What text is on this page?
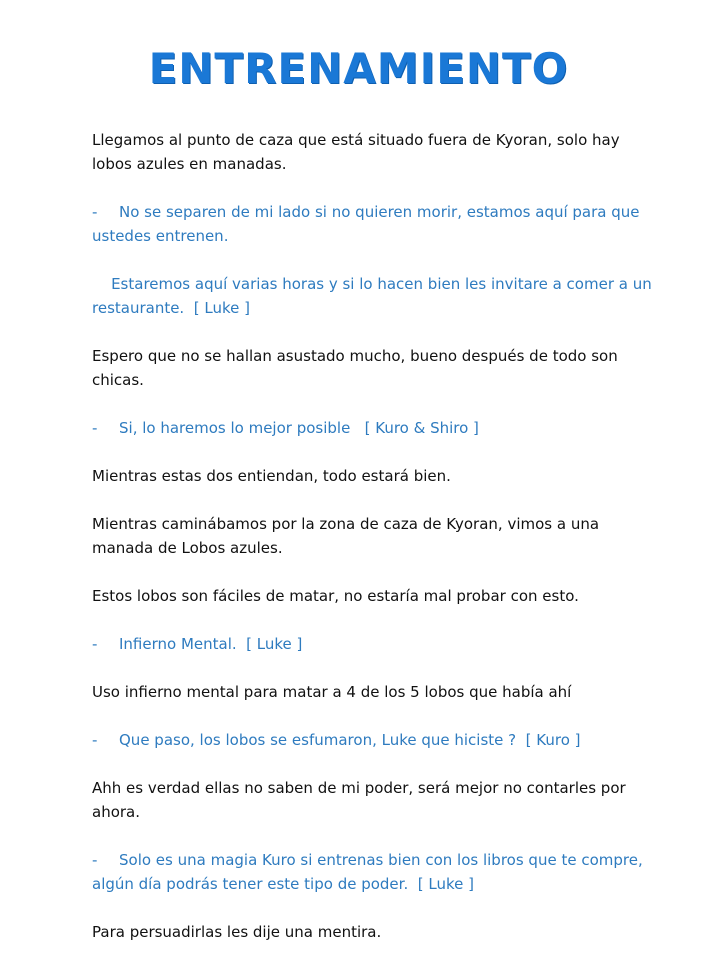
ENTRENAMIENTO

Llegamos al punto de caza que está situado fuera de Kyoran, solo hay lobos azules en manadas.

- No se separen de mi lado si no quieren morir, estamos aquí para que ustedes entrenen.

Estaremos aquí varias horas y si lo hacen bien les invitare a comer a un restaurante.  [ Luke ]

Espero que no se hallan asustado mucho, bueno después de todo son chicas.

- Si, lo haremos lo mejor posible   [ Kuro & Shiro ]

Mientras estas dos entiendan, todo estará bien.

Mientras caminábamos por la zona de caza de Kyoran, vimos a una manada de Lobos azules.

Estos lobos son fáciles de matar, no estaría mal probar con esto.

- Infierno Mental.  [ Luke ]

Uso infierno mental para matar a 4 de los 5 lobos que había ahí

- Que paso, los lobos se esfumaron, Luke que hiciste ?  [ Kuro ]

Ahh es verdad ellas no saben de mi poder, será mejor no contarles por ahora.

- Solo es una magia Kuro si entrenas bien con los libros que te compre, algún día podrás tener este tipo de poder.  [ Luke ]

Para persuadirlas les dije una mentira.
